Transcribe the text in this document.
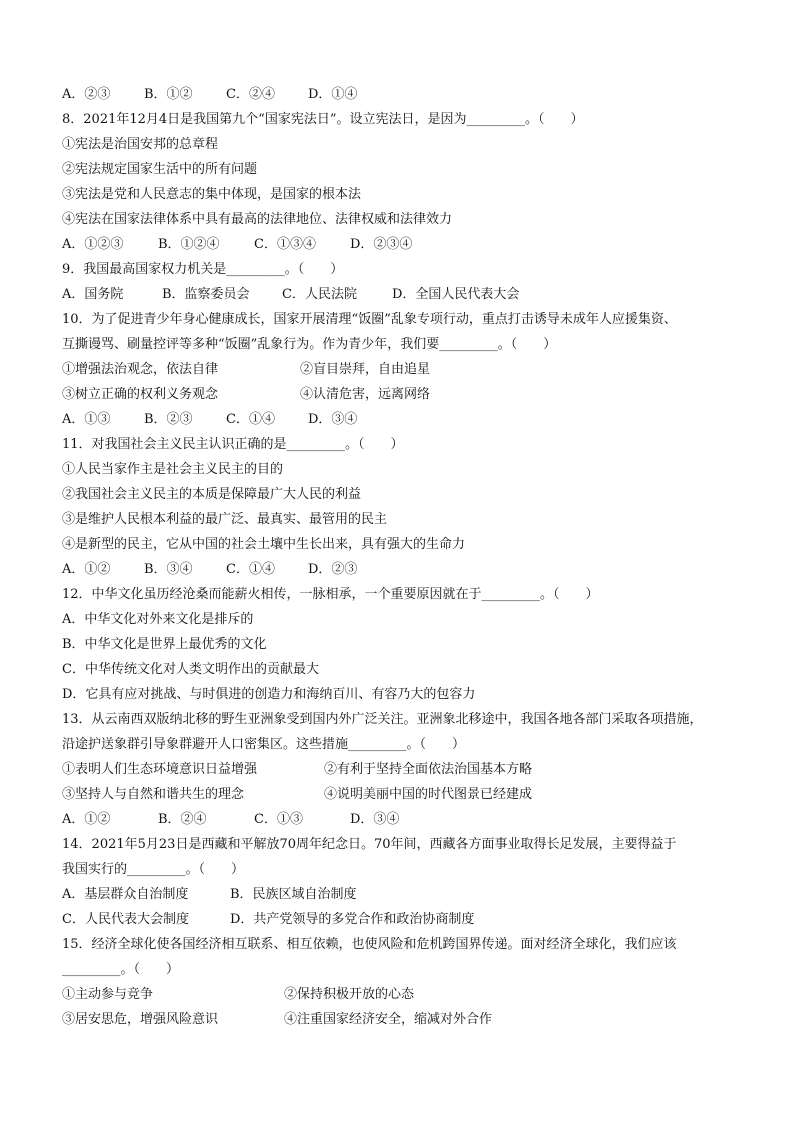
A．②③	B．①②	C．②④	D．①④
8．2021年12月4日是我国第九个“国家宪法日”。设立宪法日，是因为_________。（　　）
①宪法是治国安邦的总章程
②宪法规定国家生活中的所有问题
③宪法是党和人民意志的集中体现，是国家的根本法
④宪法在国家法律体系中具有最高的法律地位、法律权威和法律效力
A．①②③	B．①②④	C．①③④	D．②③④
9．我国最高国家权力机关是_________。（　　）
A．国务院	B．监察委员会 C．人民法院	D．全国人民代表大会
10．为了促进青少年身心健康成长，国家开展清理“饭圈”乱象专项行动，重点打击诱导未成年人应援集资、
互撕谩骂、刷量控评等多种“饭圈”乱象行为。作为青少年，我们要_________。（　　）
①增强法治观念，依法自律	②盲目崇拜，自由追星
③树立正确的权利义务观念	④认清危害，远离网络
A．①③	B．②③	C．①④	D．③④
11．对我国社会主义民主认识正确的是_________。（　　）
①人民当家作主是社会主义民主的目的
②我国社会主义民主的本质是保障最广大人民的利益
③是维护人民根本利益的最广泛、最真实、最管用的民主
④是新型的民主，它从中国的社会土壤中生长出来，具有强大的生命力
A．①②	B．③④	C．①④	D．②③
12．中华文化虽历经沧桑而能薪火相传，一脉相承，一个重要原因就在于_________。（　　）
A．中华文化对外来文化是排斥的
B．中华文化是世界上最优秀的文化
C．中华传统文化对人类文明作出的贡献最大
D．它具有应对挑战、与时俱进的创造力和海纳百川、有容乃大的包容力
13．从云南西双版纳北移的野生亚洲象受到国内外广泛关注。亚洲象北移途中，我国各地各部门采取各项措施，
沿途护送象群引导象群避开人口密集区。这些措施_________。（　　）
①表明人们生态环境意识日益增强	②有利于坚持全面依法治国基本方略
③坚持人与自然和谐共生的理念	④说明美丽中国的时代图景已经建成
A．①②	B．②④	C．①③	D．③④
14．2021年5月23日是西藏和平解放70周年纪念日。70年间，西藏各方面事业取得长足发展，主要得益于
我国实行的_________。（　　）
A．基层群众自治制度	B．民族区域自治制度
C．人民代表大会制度	D．共产党领导的多党合作和政治协商制度
15．经济全球化使各国经济相互联系、相互依赖，也使风险和危机跨国界传递。面对经济全球化，我们应该
_________。（　　）
①主动参与竞争	②保持积极开放的心态
③居安思危，增强风险意识	④注重国家经济安全，缩减对外合作
